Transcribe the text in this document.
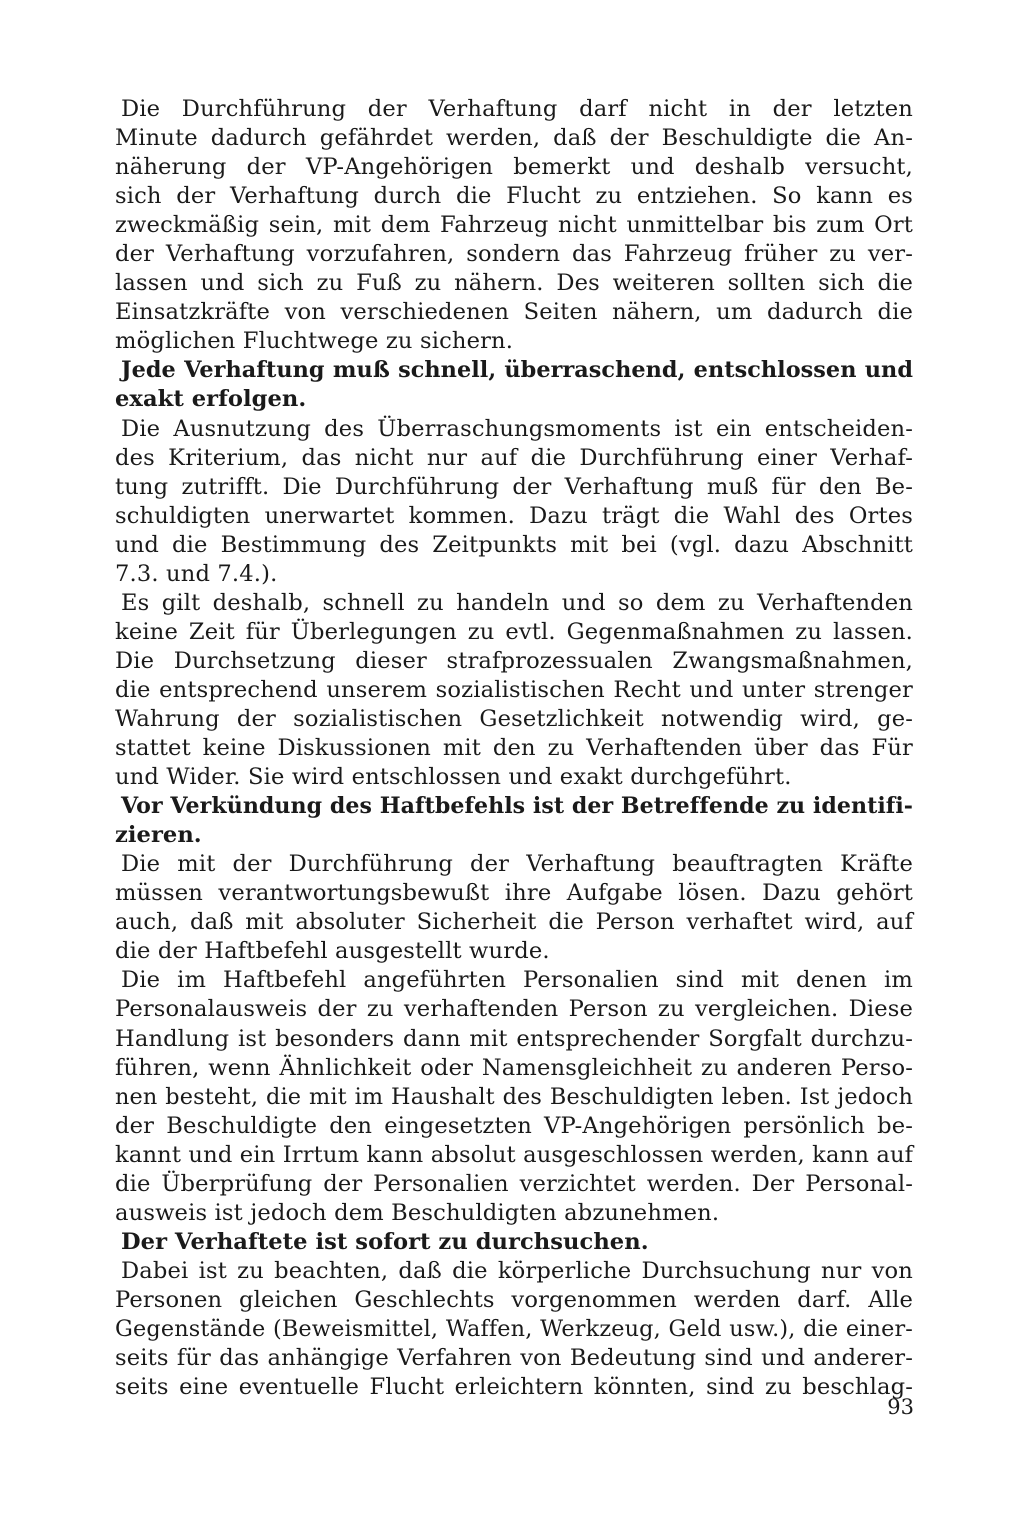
Die Durchführung der Verhaftung darf nicht in der letzten
Minute dadurch gefährdet werden, daß der Beschuldigte die An-
näherung der VP-Angehörigen bemerkt und deshalb versucht,
sich der Verhaftung durch die Flucht zu entziehen. So kann es
zweckmäßig sein, mit dem Fahrzeug nicht unmittelbar bis zum Ort
der Verhaftung vorzufahren, sondern das Fahrzeug früher zu ver-
lassen und sich zu Fuß zu nähern. Des weiteren sollten sich die
Einsatzkräfte von verschiedenen Seiten nähern, um dadurch die
möglichen Fluchtwege zu sichern.
Jede Verhaftung muß schnell, überraschend, entschlossen und
exakt erfolgen.
Die Ausnutzung des Überraschungsmoments ist ein entscheiden-
des Kriterium, das nicht nur auf die Durchführung einer Verhaf-
tung zutrifft. Die Durchführung der Verhaftung muß für den Be-
schuldigten unerwartet kommen. Dazu trägt die Wahl des Ortes
und die Bestimmung des Zeitpunkts mit bei (vgl. dazu Abschnitt
7.3. und 7.4.).
Es gilt deshalb, schnell zu handeln und so dem zu Verhaftenden
keine Zeit für Überlegungen zu evtl. Gegenmaßnahmen zu lassen.
Die Durchsetzung dieser strafprozessualen Zwangsmaßnahmen,
die entsprechend unserem sozialistischen Recht und unter strenger
Wahrung der sozialistischen Gesetzlichkeit notwendig wird, ge-
stattet keine Diskussionen mit den zu Verhaftenden über das Für
und Wider. Sie wird entschlossen und exakt durchgeführt.
Vor Verkündung des Haftbefehls ist der Betreffende zu identifi-
zieren.
Die mit der Durchführung der Verhaftung beauftragten Kräfte
müssen verantwortungsbewußt ihre Aufgabe lösen. Dazu gehört
auch, daß mit absoluter Sicherheit die Person verhaftet wird, auf
die der Haftbefehl ausgestellt wurde.
Die im Haftbefehl angeführten Personalien sind mit denen im
Personalausweis der zu verhaftenden Person zu vergleichen. Diese
Handlung ist besonders dann mit entsprechender Sorgfalt durchzu-
führen, wenn Ähnlichkeit oder Namensgleichheit zu anderen Perso-
nen besteht, die mit im Haushalt des Beschuldigten leben. Ist jedoch
der Beschuldigte den eingesetzten VP-Angehörigen persönlich be-
kannt und ein Irrtum kann absolut ausgeschlossen werden, kann auf
die Überprüfung der Personalien verzichtet werden. Der Personal-
ausweis ist jedoch dem Beschuldigten abzunehmen.
Der Verhaftete ist sofort zu durchsuchen.
Dabei ist zu beachten, daß die körperliche Durchsuchung nur von
Personen gleichen Geschlechts vorgenommen werden darf. Alle
Gegenstände (Beweismittel, Waffen, Werkzeug, Geld usw.), die einer-
seits für das anhängige Verfahren von Bedeutung sind und anderer-
seits eine eventuelle Flucht erleichtern könnten, sind zu beschlag-
93
